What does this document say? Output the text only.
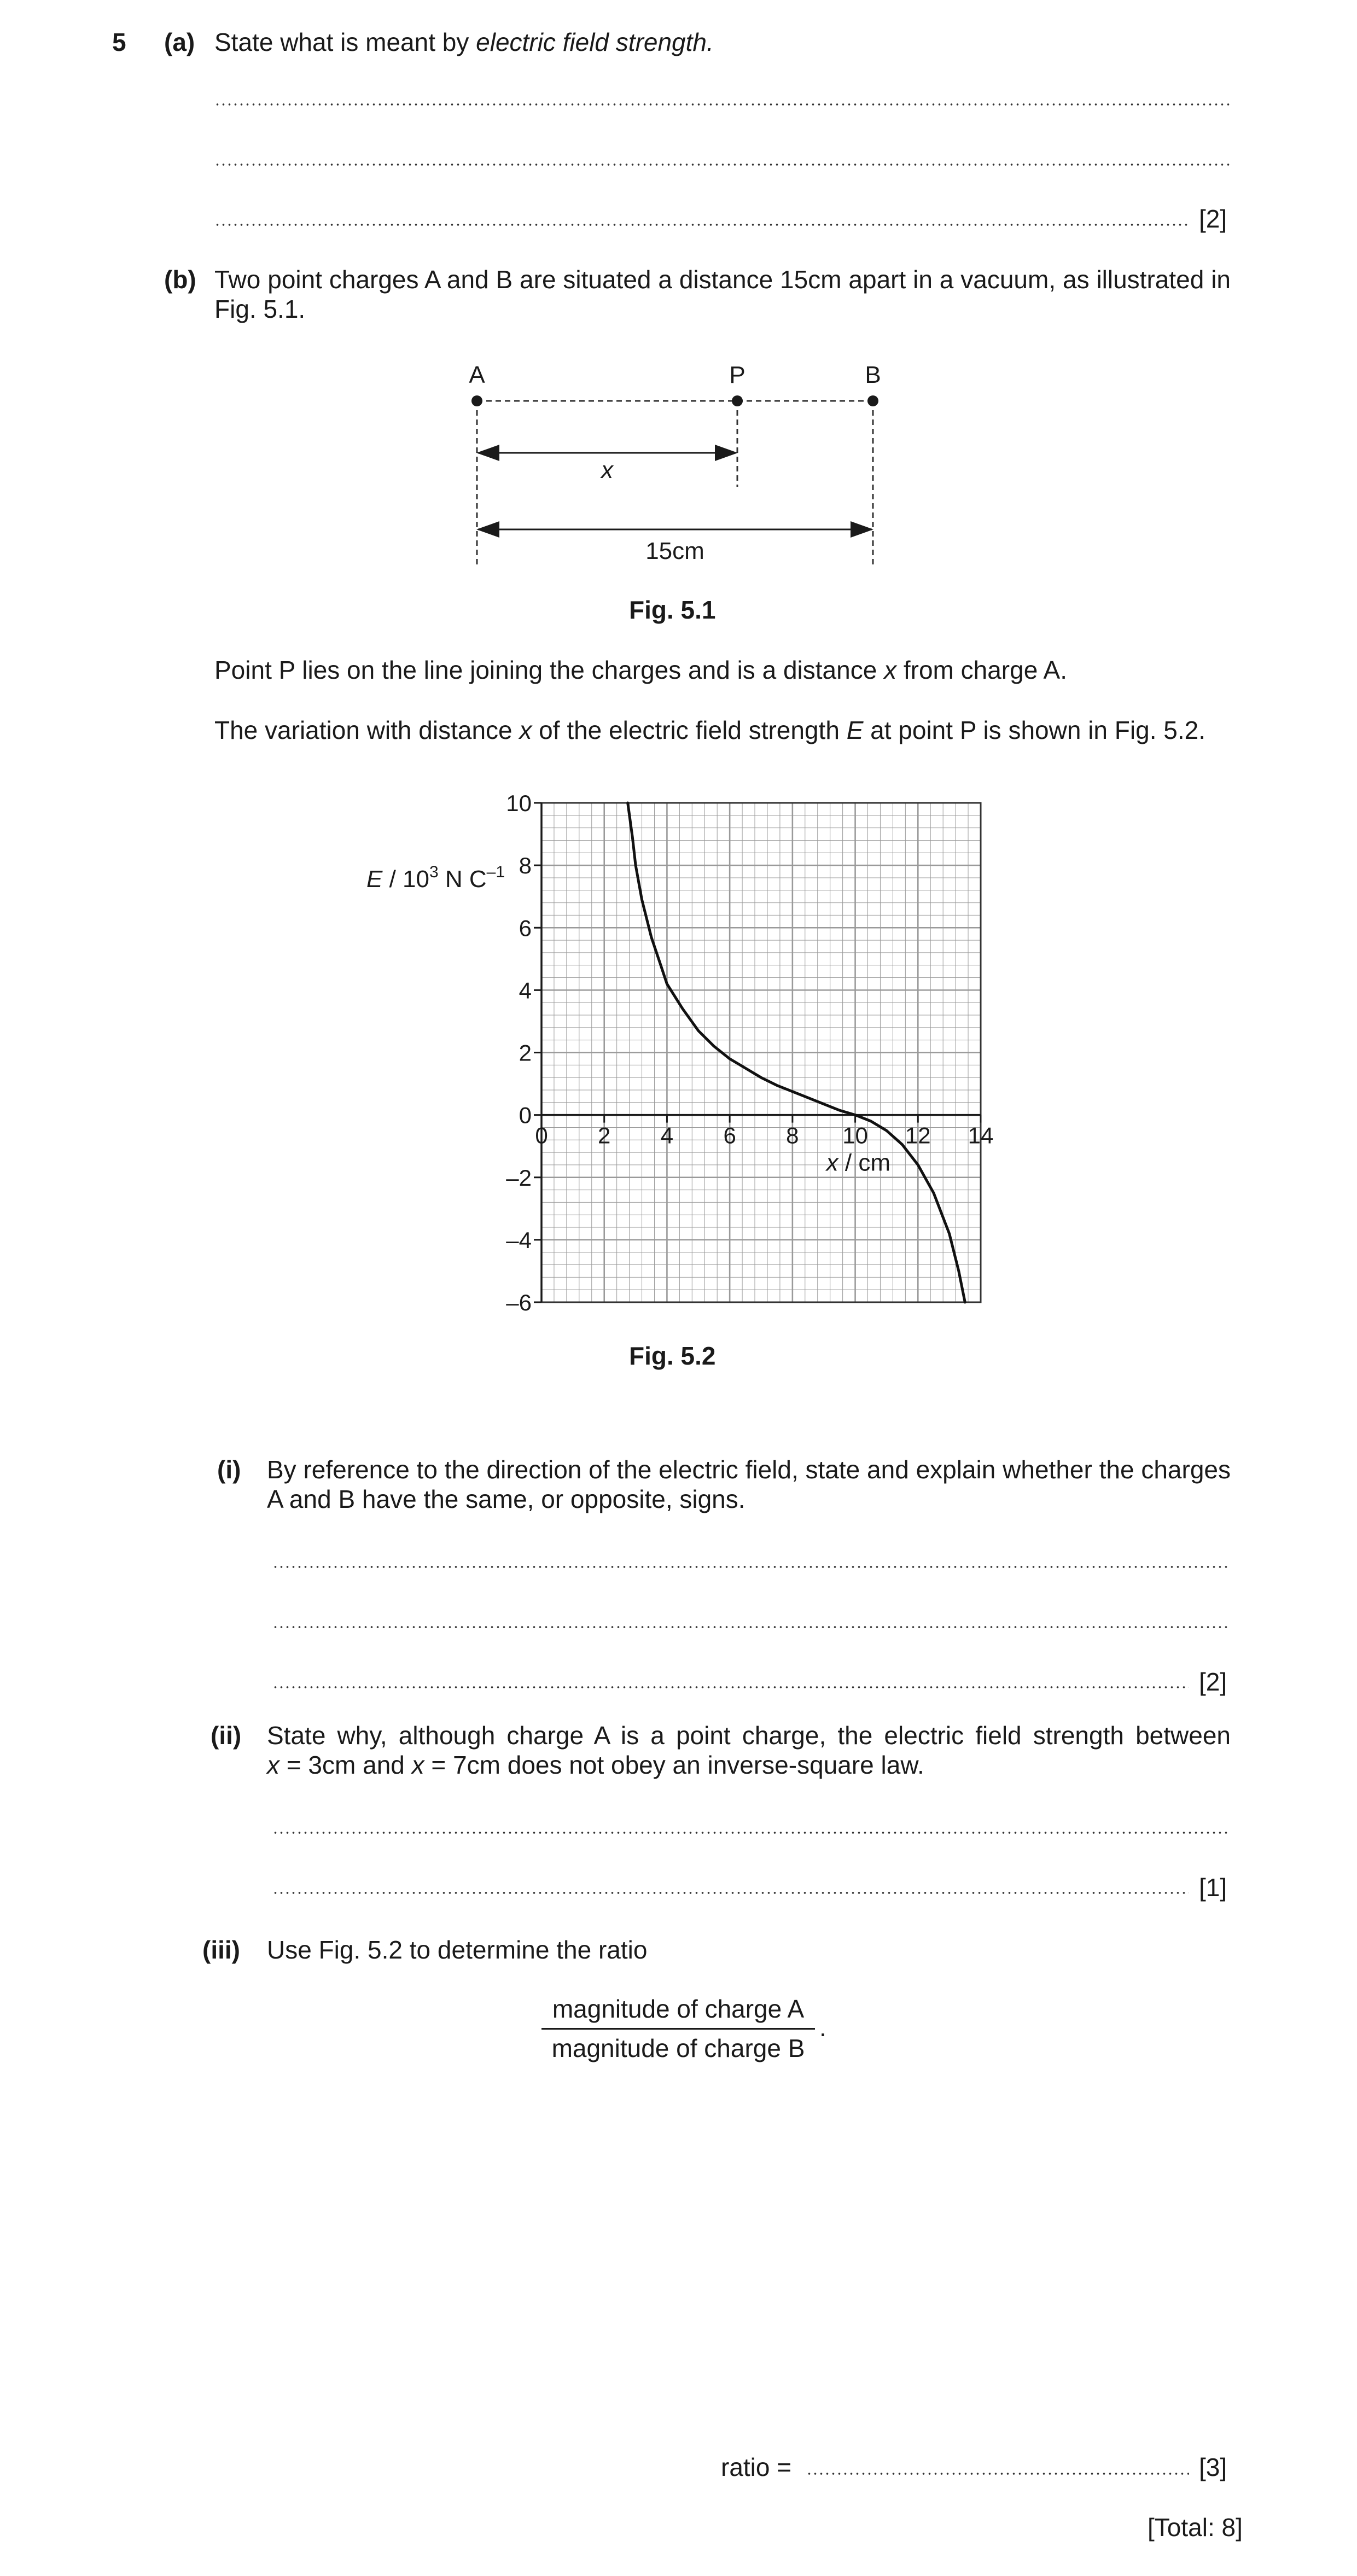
5 (a) State what is meant by electric field strength.
[2]
(b) Two point charges A and B are situated a distance 15cm apart in a vacuum, as illustrated in
Fig. 5.1.
A	P	B
x
15cm
Fig. 5.1
Point P lies on the line joining the charges and is a distance x from charge A.
The variation with distance x of the electric field strength E at point P is shown in Fig. 5.2.
10
8
6
4
2
0
–2
–4
–6
0 2 4 6 8 10 12 14
x / cm
E / $10^3$ N $C^{-1}$
Fig. 5.2
(i) By reference to the direction of the electric field, state and explain whether the charges
A and B have the same, or opposite, signs.
[2]
(ii) State why, although charge A is a point charge, the electric field strength between
x = 3cm and x = 7cm does not obey an inverse-square law.
[1]
(iii) Use Fig. 5.2 to determine the ratio
magnitude of charge A
magnitude of charge B
.
ratio =	[3]
[Total: 8]
